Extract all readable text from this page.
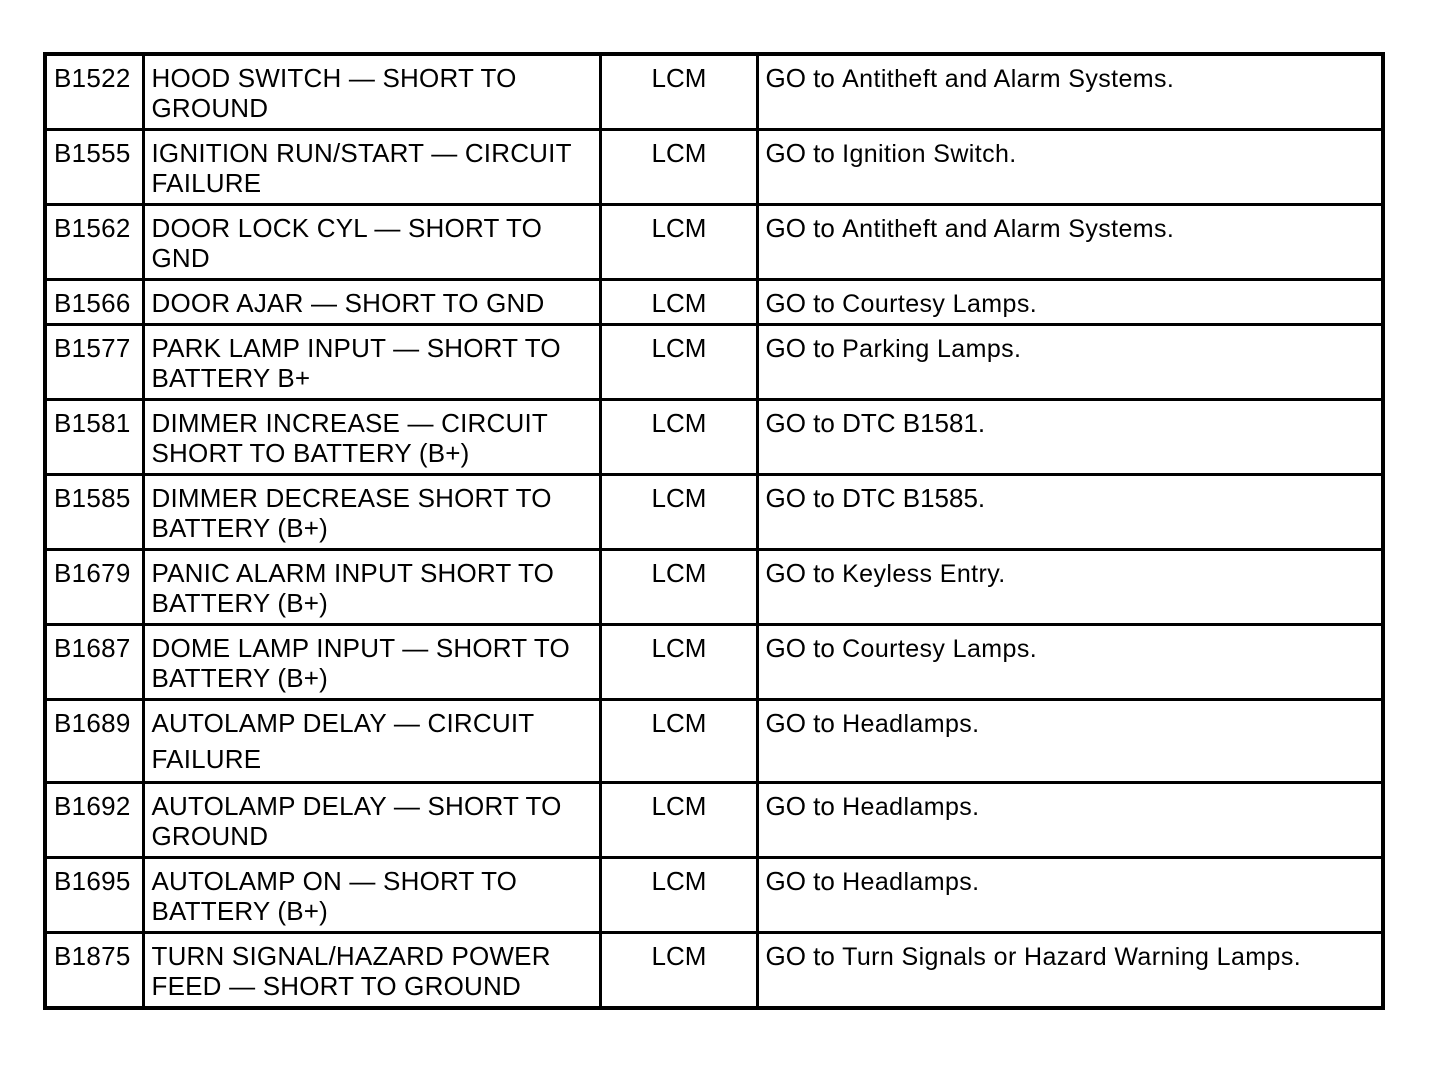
B1522	HOOD SWITCH — SHORT TO GROUND	LCM	GO to Antitheft and Alarm Systems.
B1555	IGNITION RUN/START — CIRCUIT FAILURE	LCM	GO to Ignition Switch.
B1562	DOOR LOCK CYL — SHORT TO GND	LCM	GO to Antitheft and Alarm Systems.
B1566	DOOR AJAR — SHORT TO GND	LCM	GO to Courtesy Lamps.
B1577	PARK LAMP INPUT — SHORT TO BATTERY B+	LCM	GO to Parking Lamps.
B1581	DIMMER INCREASE — CIRCUIT SHORT TO BATTERY (B+)	LCM	GO to DTC B1581.
B1585	DIMMER DECREASE SHORT TO BATTERY (B+)	LCM	GO to DTC B1585.
B1679	PANIC ALARM INPUT SHORT TO BATTERY (B+)	LCM	GO to Keyless Entry.
B1687	DOME LAMP INPUT — SHORT TO BATTERY (B+)	LCM	GO to Courtesy Lamps.
B1689	AUTOLAMP DELAY — CIRCUIT FAILURE	LCM	GO to Headlamps.
B1692	AUTOLAMP DELAY — SHORT TO GROUND	LCM	GO to Headlamps.
B1695	AUTOLAMP ON — SHORT TO BATTERY (B+)	LCM	GO to Headlamps.
B1875	TURN SIGNAL/HAZARD POWER FEED — SHORT TO GROUND	LCM	GO to Turn Signals or Hazard Warning Lamps.
